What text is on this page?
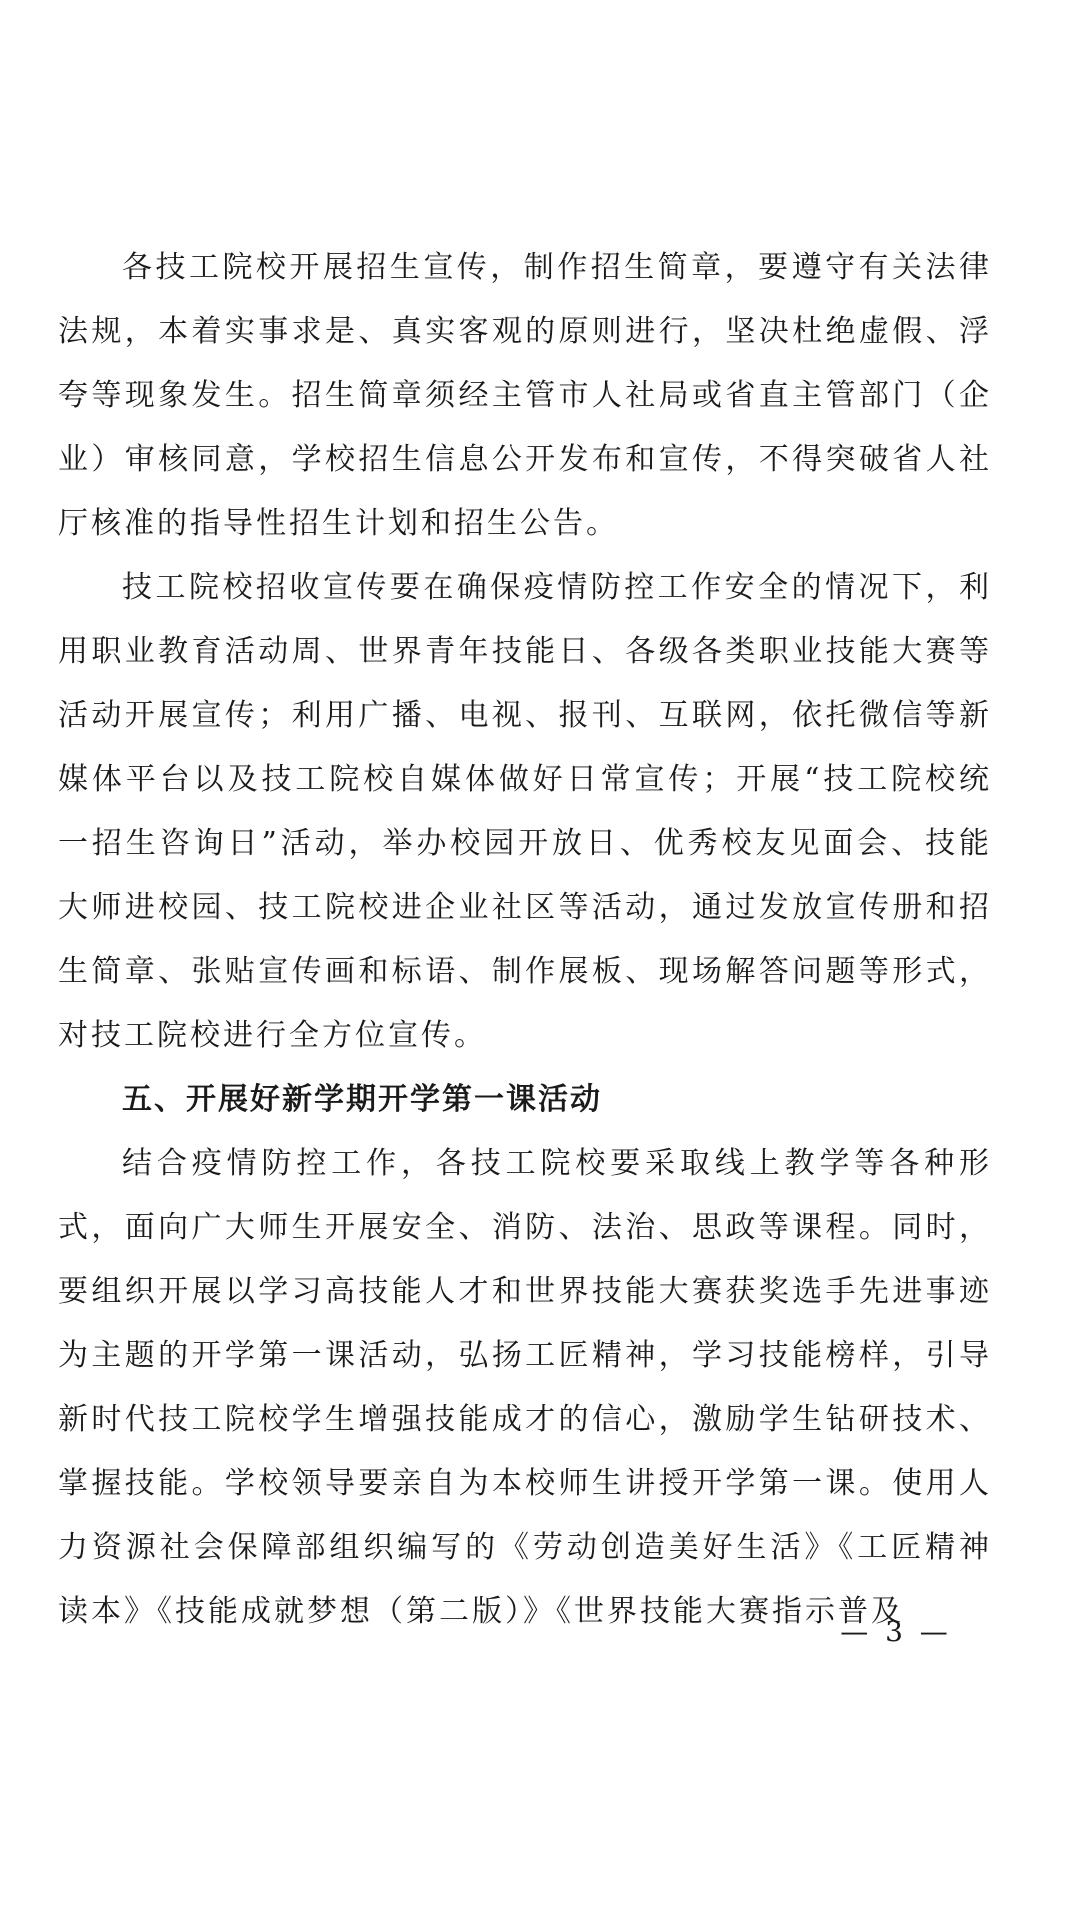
各技工院校开展招生宣传，制作招生简章，要遵守有关法律法规，本着实事求是、真实客观的原则进行，坚决杜绝虚假、浮夸等现象发生。招生简章须经主管市人社局或省直主管部门（企业）审核同意，学校招生信息公开发布和宣传，不得突破省人社厅核准的指导性招生计划和招生公告。

技工院校招收宣传要在确保疫情防控工作安全的情况下，利用职业教育活动周、世界青年技能日、各级各类职业技能大赛等活动开展宣传；利用广播、电视、报刊、互联网，依托微信等新媒体平台以及技工院校自媒体做好日常宣传；开展“技工院校统一招生咨询日”活动，举办校园开放日、优秀校友见面会、技能大师进校园、技工院校进企业社区等活动，通过发放宣传册和招生简章、张贴宣传画和标语、制作展板、现场解答问题等形式，对技工院校进行全方位宣传。

五、开展好新学期开学第一课活动

结合疫情防控工作，各技工院校要采取线上教学等各种形式，面向广大师生开展安全、消防、法治、思政等课程。同时，要组织开展以学习高技能人才和世界技能大赛获奖选手先进事迹为主题的开学第一课活动，弘扬工匠精神，学习技能榜样，引导新时代技工院校学生增强技能成才的信心，激励学生钻研技术、掌握技能。学校领导要亲自为本校师生讲授开学第一课。使用人力资源社会保障部组织编写的《劳动创造美好生活》《工匠精神读本》《技能成就梦想（第二版）》《世界技能大赛指示普及

— 3 —
